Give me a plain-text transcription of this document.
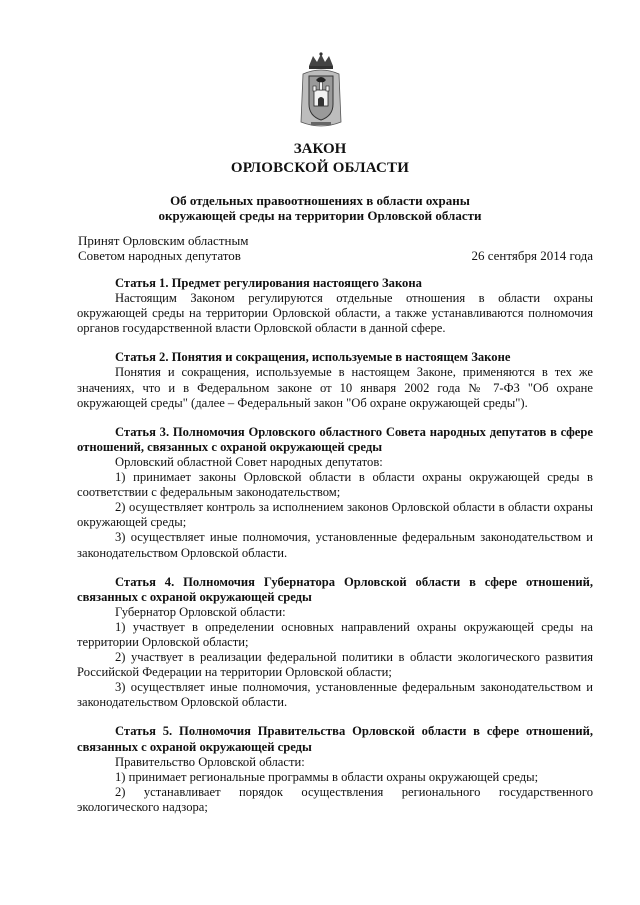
ЗАКОН
ОРЛОВСКОЙ ОБЛАСТИ
Об отдельных правоотношениях в области охраны
окружающей среды на территории Орловской области
Принят Орловским областным
Советом народных депутатов	26 сентября 2014 года

Статья 1. Предмет регулирования настоящего Закона

Настоящим Законом регулируются отдельные отношения в области охраны окружающей среды на территории Орловской области, а также устанавливаются полномочия органов государственной власти Орловской области в данной сфере.

Статья 2. Понятия и сокращения, используемые в настоящем Законе

Понятия и сокращения, используемые в настоящем Законе, применяются в тех же значениях, что и в Федеральном законе от 10 января 2002 года № 7-ФЗ "Об охране окружающей среды" (далее – Федеральный закон "Об охране окружающей среды").

Статья 3. Полномочия Орловского областного Совета народных депутатов в сфере отношений, связанных с охраной окружающей среды

Орловский областной Совет народных депутатов:

1) принимает законы Орловской области в области охраны окружающей среды в соответствии с федеральным законодательством;

2) осуществляет контроль за исполнением законов Орловской области в области охраны окружающей среды;

3) осуществляет иные полномочия, установленные федеральным законодательством и законодательством Орловской области.

Статья 4. Полномочия Губернатора Орловской области в сфере отношений, связанных с охраной окружающей среды

Губернатор Орловской области:

1) участвует в определении основных направлений охраны окружающей среды на территории Орловской области;

2) участвует в реализации федеральной политики в области экологического развития Российской Федерации на территории Орловской области;

3) осуществляет иные полномочия, установленные федеральным законодательством и законодательством Орловской области.

Статья 5. Полномочия Правительства Орловской области в сфере отношений, связанных с охраной окружающей среды

Правительство Орловской области:

1) принимает региональные программы в области охраны окружающей среды;

2) устанавливает порядок осуществления регионального государственного экологического надзора;
